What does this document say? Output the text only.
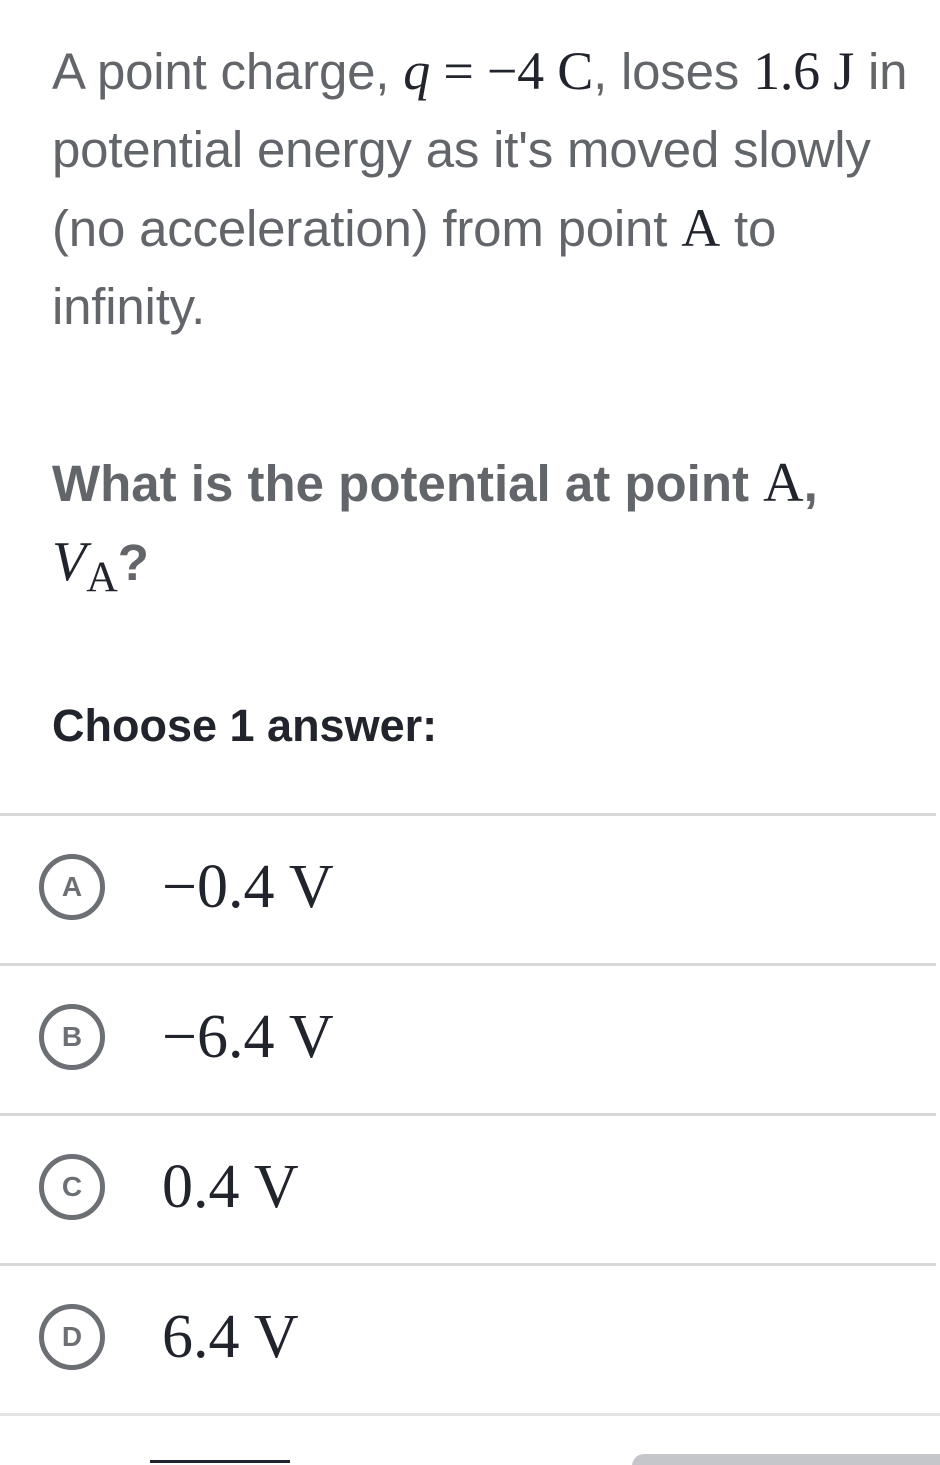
A point charge, q = −4 C, loses 1.6 J in potential energy as it's moved slowly (no acceleration) from point A to infinity.

What is the potential at point A,
$V_A$?

Choose 1 answer:

A	−0.4 V
B	−6.4 V
C	0.4 V
D	6.4 V
